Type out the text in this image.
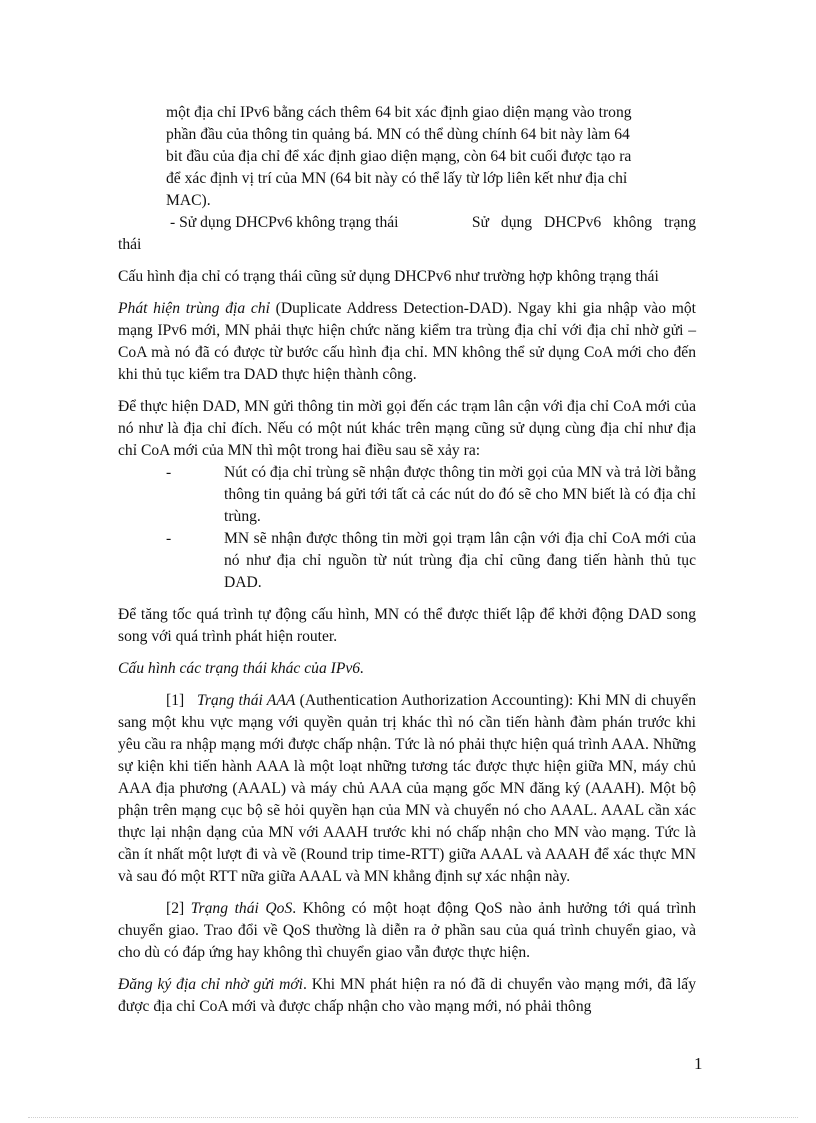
một địa chỉ IPv6 bằng cách thêm 64 bit xác định giao diện mạng vào trong
phần đầu của thông tin quảng bá. MN có thể dùng chính 64 bit này làm 64
bit đầu của địa chỉ để xác định giao diện mạng, còn 64 bit cuối được tạo ra
để xác định vị trí của MN (64 bit này có thể lấy từ lớp liên kết như địa chỉ
MAC).
- Sử dụng DHCPv6 không trạng thái	Sử dụng DHCPv6 không trạng
thái

Cấu hình địa chỉ có trạng thái cũng sử dụng DHCPv6 như trường hợp không trạng thái

Phát hiện trùng địa chỉ (Duplicate Address Detection-DAD). Ngay khi gia nhập vào một mạng IPv6 mới, MN phải thực hiện chức năng kiểm tra trùng địa chỉ với địa chỉ nhờ gửi – CoA mà nó đã có được từ bước cấu hình địa chỉ. MN không thể sử dụng CoA mới cho đến khi thủ tục kiểm tra DAD thực hiện thành công.

Để thực hiện DAD, MN gửi thông tin mời gọi đến các trạm lân cận với địa chỉ CoA mới của nó như là địa chỉ đích. Nếu có một nút khác trên mạng cũng sử dụng cùng địa chỉ như địa chỉ CoA mới của MN thì một trong hai điều sau sẽ xảy ra:

-	Nút có địa chỉ trùng sẽ nhận được thông tin mời gọi của MN và trả lời bằng thông tin quảng bá gửi tới tất cả các nút do đó sẽ cho MN biết là có địa chỉ trùng.
-	MN sẽ nhận được thông tin mời gọi trạm lân cận với địa chỉ CoA mới của nó như địa chỉ nguồn từ nút trùng địa chỉ cũng đang tiến hành thủ tục DAD.

Để tăng tốc quá trình tự động cấu hình, MN có thể được thiết lập để khởi động DAD song song với quá trình phát hiện router.

Cấu hình các trạng thái khác của IPv6.

[1] Trạng thái AAA (Authentication Authorization Accounting): Khi MN di chuyển sang một khu vực mạng với quyền quản trị khác thì nó cần tiến hành đàm phán trước khi yêu cầu ra nhập mạng mới được chấp nhận. Tức là nó phải thực hiện quá trình AAA. Những sự kiện khi tiến hành AAA là một loạt những tương tác được thực hiện giữa MN, máy chủ AAA địa phương (AAAL) và máy chủ AAA của mạng gốc MN đăng ký (AAAH). Một bộ phận trên mạng cục bộ sẽ hỏi quyền hạn của MN và chuyển nó cho AAAL. AAAL cần xác thực lại nhận dạng của MN với AAAH trước khi nó chấp nhận cho MN vào mạng. Tức là cần ít nhất một lượt đi và về (Round trip time-RTT) giữa AAAL và AAAH để xác thực MN và sau đó một RTT nữa giữa AAAL và MN khẳng định sự xác nhận này.

[2] Trạng thái QoS. Không có một hoạt động QoS nào ảnh hưởng tới quá trình chuyển giao. Trao đổi về QoS thường là diễn ra ở phần sau của quá trình chuyển giao, và cho dù có đáp ứng hay không thì chuyển giao vẫn được thực hiện.

Đăng ký địa chỉ nhờ gửi mới. Khi MN phát hiện ra nó đã di chuyển vào mạng mới, đã lấy được địa chỉ CoA mới và được chấp nhận cho vào mạng mới, nó phải thông

1
